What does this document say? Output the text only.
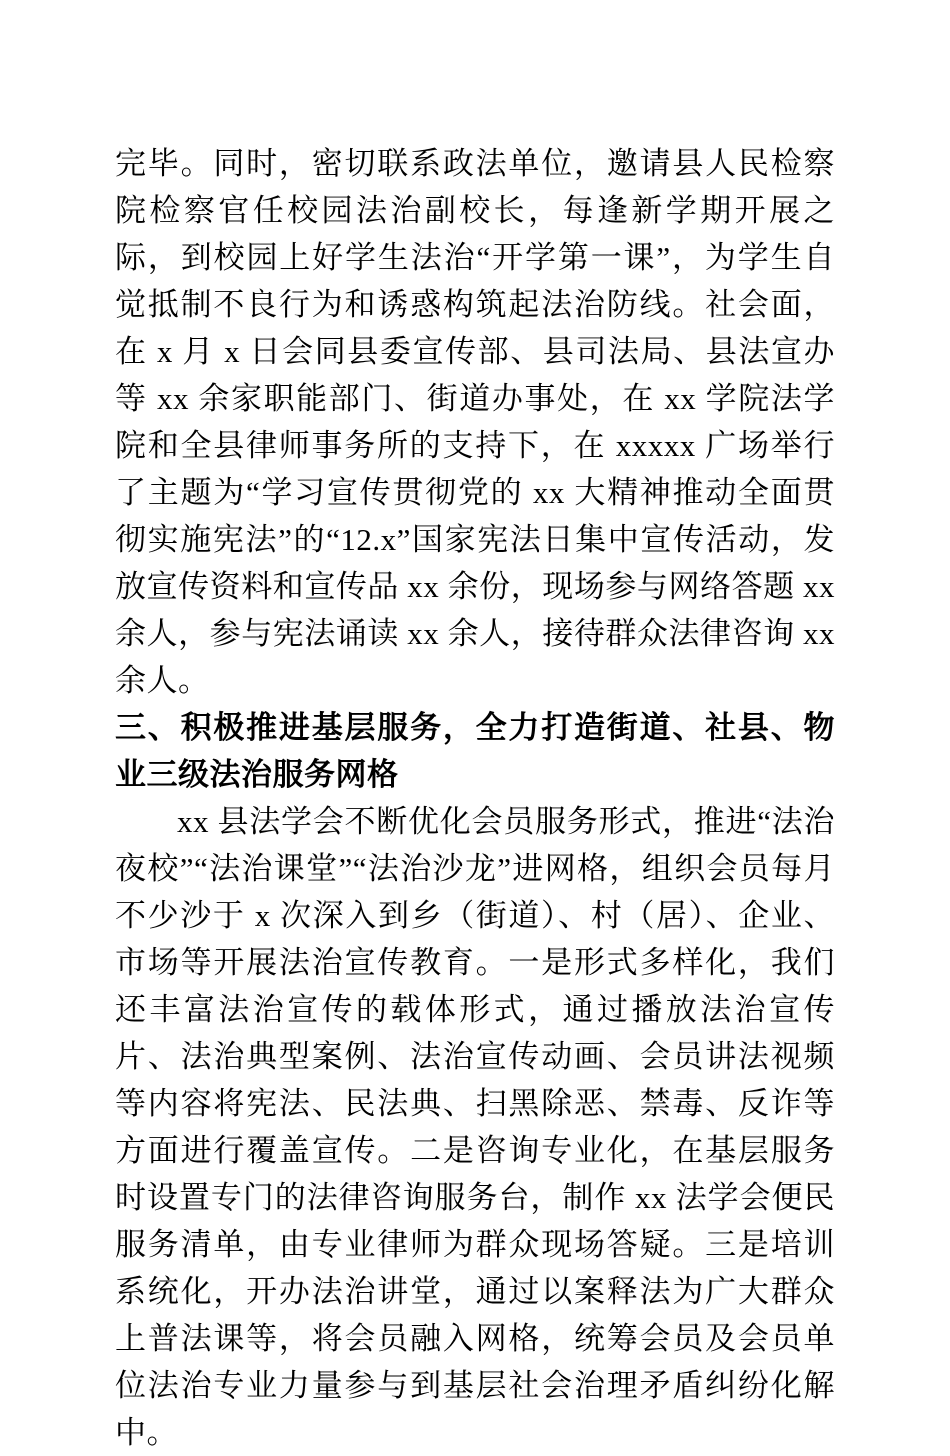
完毕。同时，密切联系政法单位，邀请县人民检察院检察官任校园法治副校长，每逢新学期开展之际，到校园上好学生法治“开学第一课”，为学生自觉抵制不良行为和诱惑构筑起法治防线。社会面，在 x 月 x 日会同县委宣传部、县司法局、县法宣办等 xx 余家职能部门、街道办事处，在 xx 学院法学院和全县律师事务所的支持下，在 xxxxx 广场举行了主题为“学习宣传贯彻党的 xx 大精神推动全面贯彻实施宪法”的“12.x”国家宪法日集中宣传活动，发放宣传资料和宣传品 xx 余份，现场参与网络答题 xx 余人，参与宪法诵读 xx 余人，接待群众法律咨询 xx 余人。

三、积极推进基层服务，全力打造街道、社县、物业三级法治服务网格

xx 县法学会不断优化会员服务形式，推进“法治夜校”“法治课堂”“法治沙龙”进网格，组织会员每月不少沙于 x 次深入到乡（街道）、村（居）、企业、市场等开展法治宣传教育。一是形式多样化，我们还丰富法治宣传的载体形式，通过播放法治宣传片、法治典型案例、法治宣传动画、会员讲法视频等内容将宪法、民法典、扫黑除恶、禁毒、反诈等方面进行覆盖宣传。二是咨询专业化，在基层服务时设置专门的法律咨询服务台，制作 xx 法学会便民服务清单，由专业律师为群众现场答疑。三是培训系统化，开办法治讲堂，通过以案释法为广大群众上普法课等，将会员融入网格，统筹会员及会员单位法治专业力量参与到基层社会治理矛盾纠纷化解中。
